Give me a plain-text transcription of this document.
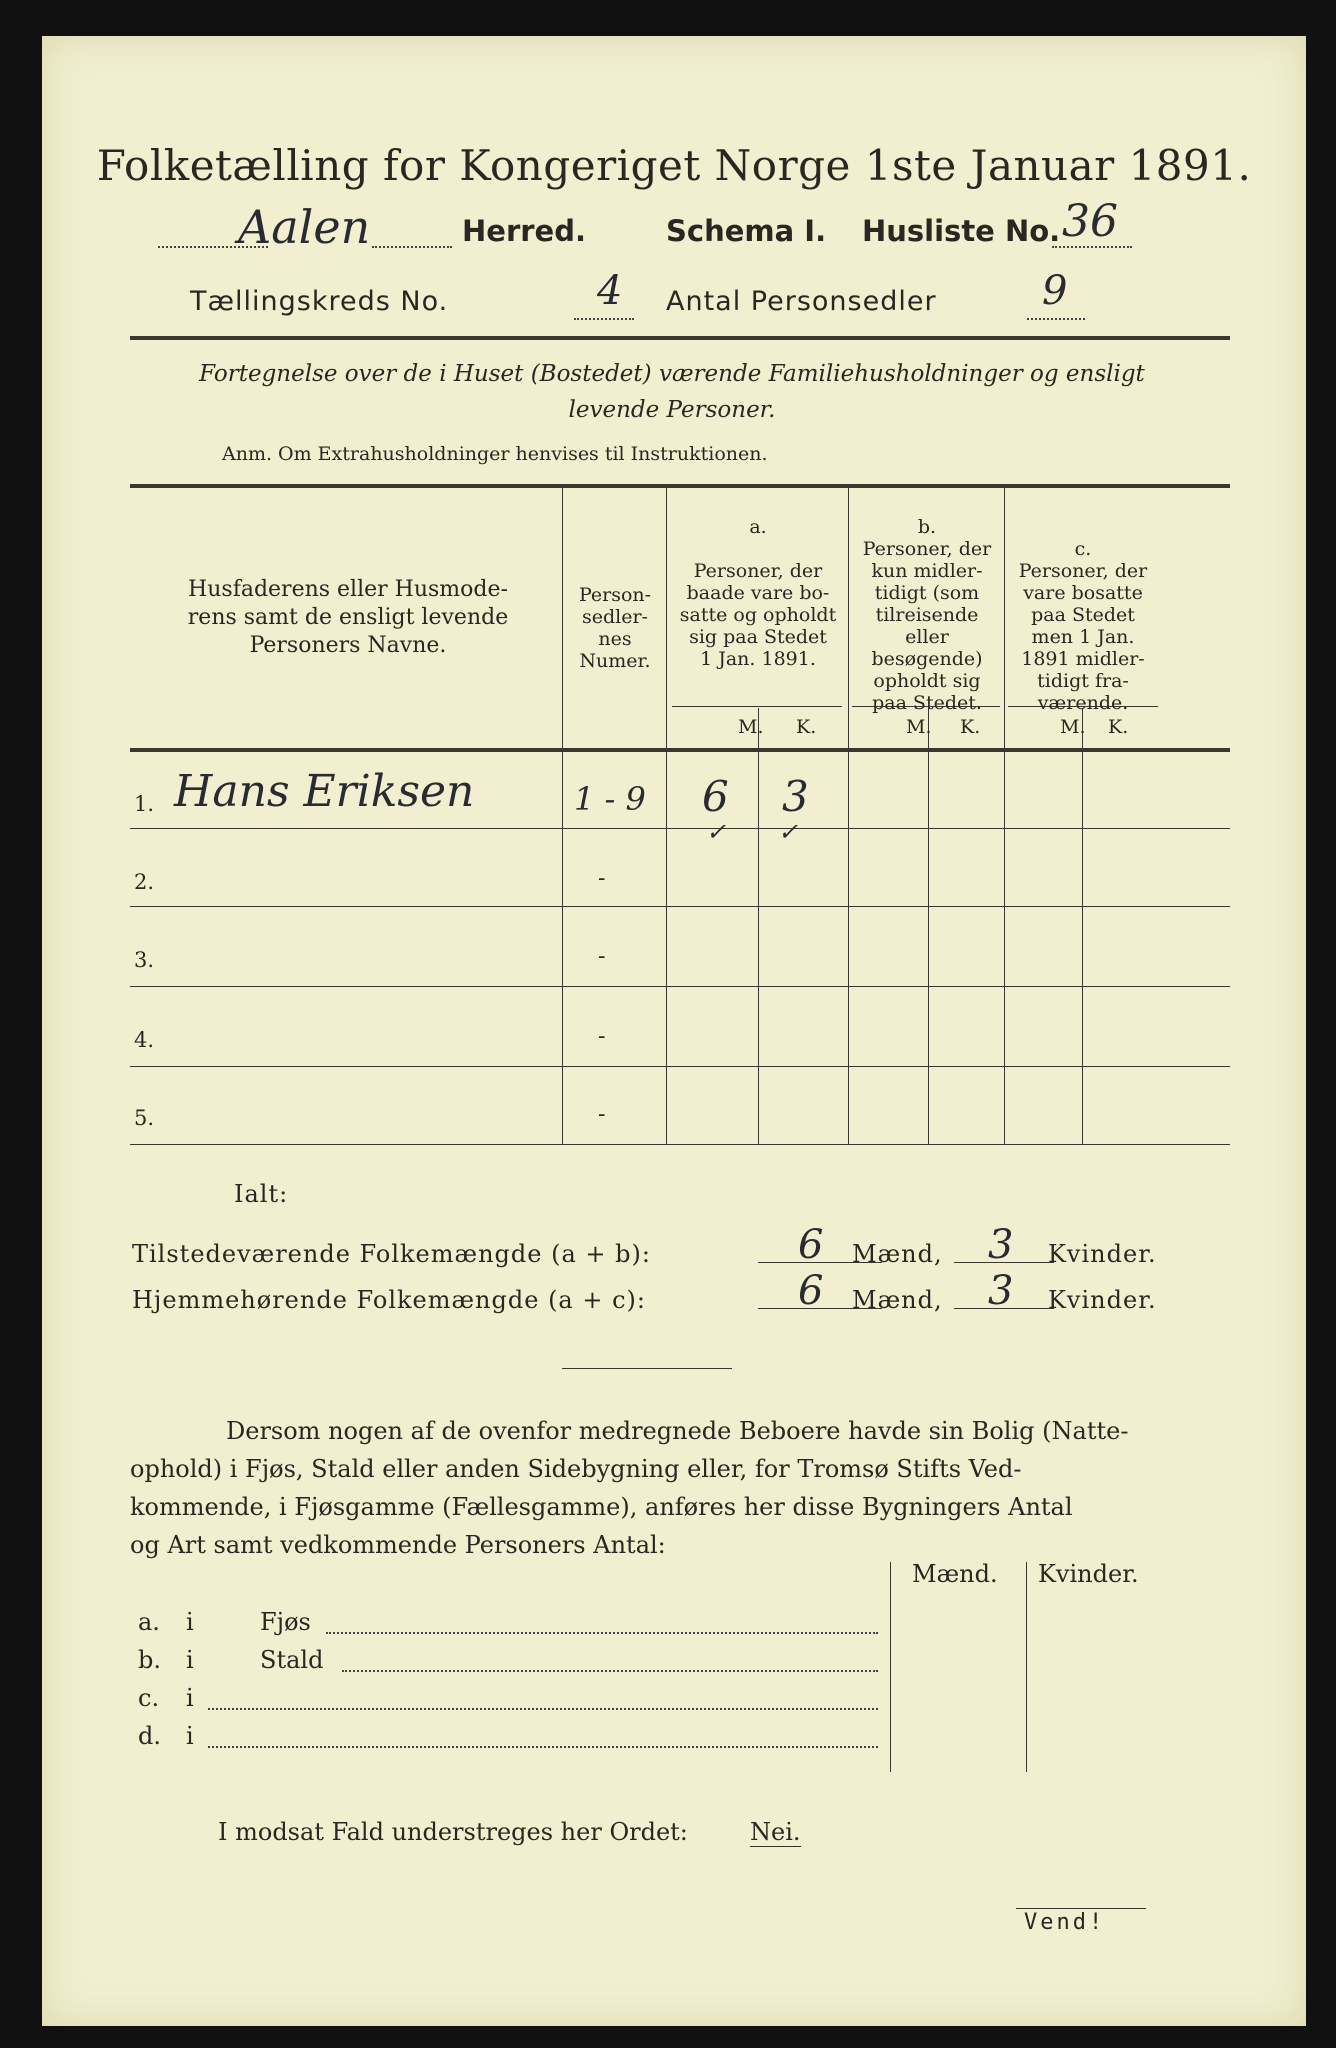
Folketælling for Kongeriget Norge 1ste Januar 1891.
Aalen	Herred.	Schema I. Husliste No. 36
Tællingskreds No.	4 Antal Personsedler	9
Fortegnelse over de i Huset (Bostedet) værende Familiehusholdninger og ensligt
levende Personer.
Anm. Om Extrahusholdninger henvises til Instruktionen.
Husfaderens eller Husmode-
rens samt de ensligt levende
Personers Navne.
Person-
sedler-
nes
Numer.
a.
Personer, der
baade vare bo-
satte og opholdt
sig paa Stedet
1 Jan. 1891.
b.
Personer, der
kun midler-
tidigt (som
tilreisende
eller
besøgende)
opholdt sig
paa Stedet.
c.
Personer, der
vare bosatte
paa Stedet
men 1 Jan.
1891 midler-
tidigt fra-
værende.
M. K.	M. K.	M. K.
1. Hans Eriksen	1 - 9 6 3
✓ ✓
2.	-
3.	-
4.	-
5.	-
Ialt:
Tilstedeværende Folkemængde (a + b):	6 Mænd, 3 Kvinder.
Hjemmehørende Folkemængde (a + c):	6 Mænd, 3 Kvinder.
Dersom nogen af de ovenfor medregnede Beboere havde sin Bolig (Natte-
ophold) i Fjøs, Stald eller anden Sidebygning eller, for Tromsø Stifts Ved-
kommende, i Fjøsgamme (Fællesgamme), anføres her disse Bygningers Antal
og Art samt vedkommende Personers Antal:
Mænd. Kvinder.
a. i	Fjøs
b. i	Stald
c. i
d. i
I modsat Fald understreges her Ordet:	Nei.
Vend!
